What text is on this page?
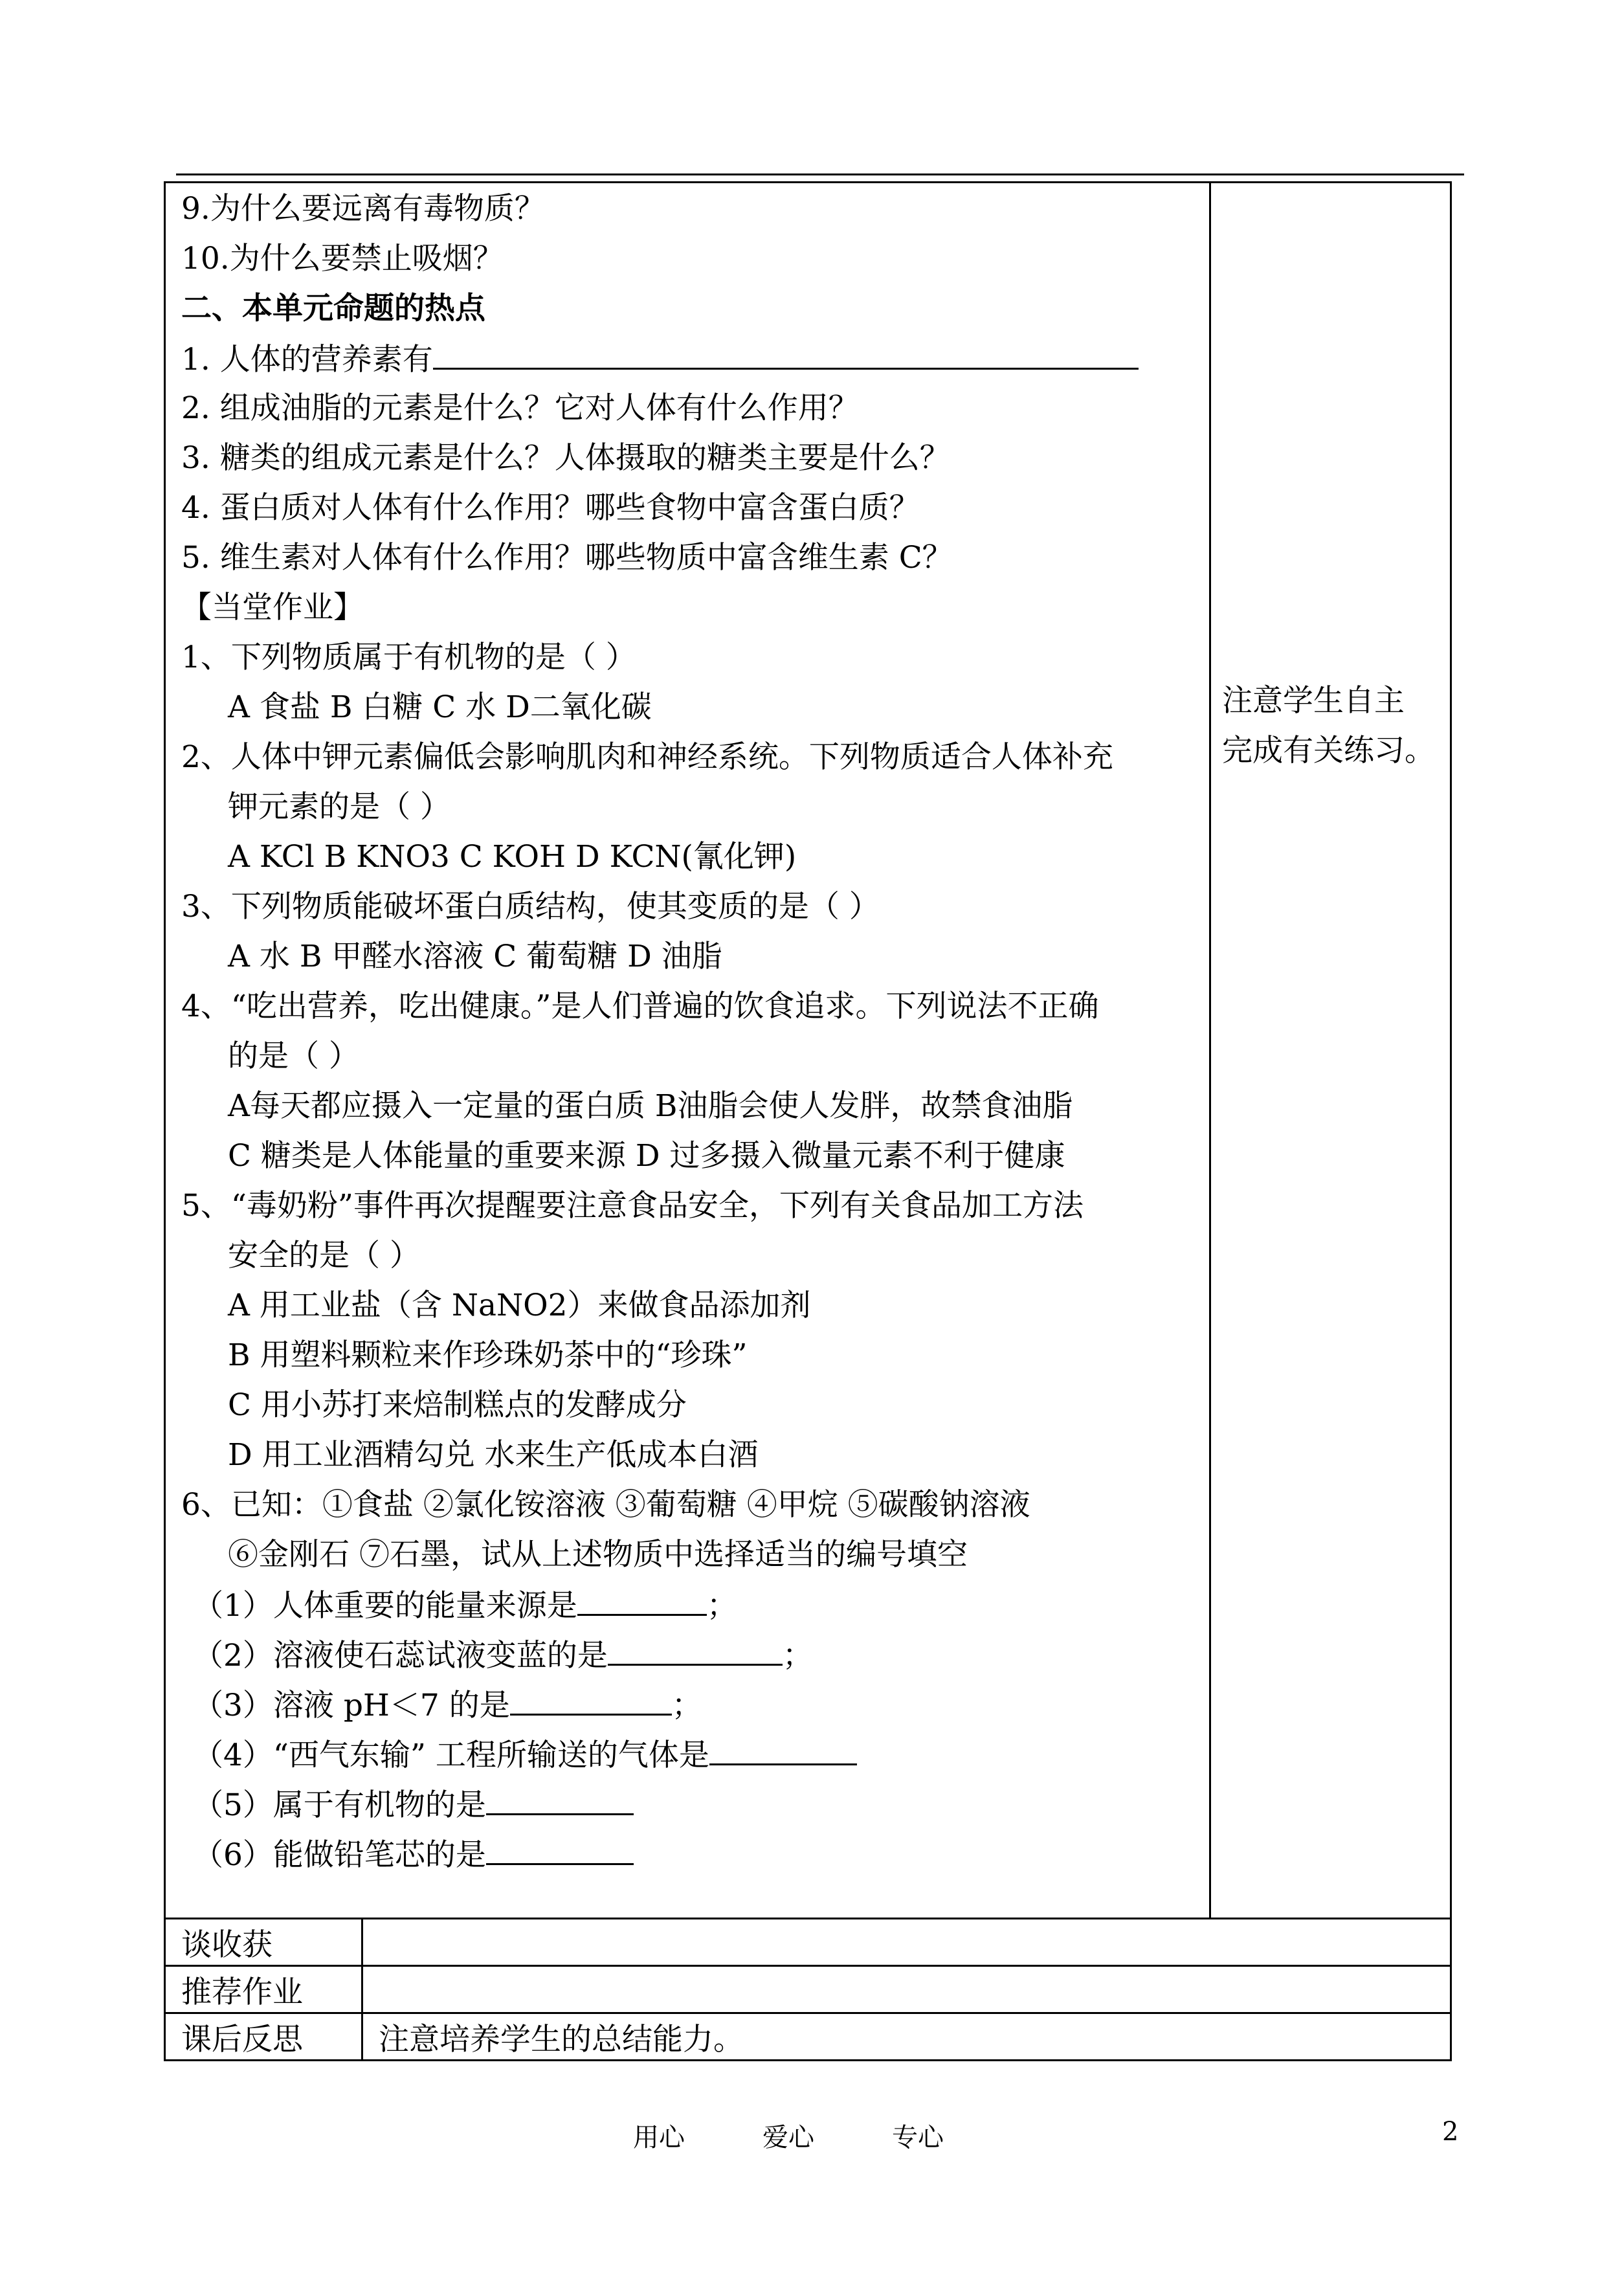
9.为什么要远离有毒物质？
10.为什么要禁止吸烟？
二、本单元命题的热点
1. 人体的营养素有
2. 组成油脂的元素是什么？它对人体有什么作用？
3. 糖类的组成元素是什么？人体摄取的糖类主要是什么？
4. 蛋白质对人体有什么作用？哪些食物中富含蛋白质？
5. 维生素对人体有什么作用？哪些物质中富含维生素 C？
【当堂作业】
1、下列物质属于有机物的是（ ）
A 食盐 B 白糖 C 水 D二氧化碳
2、人体中钾元素偏低会影响肌肉和神经系统。下列物质适合人体补充
钾元素的是（ ）
A KCl B KNO3 C KOH D KCN(氰化钾)
3、下列物质能破坏蛋白质结构，使其变质的是（ ）
A 水 B 甲醛水溶液 C 葡萄糖 D 油脂
4、“吃出营养，吃出健康。”是人们普遍的饮食追求。下列说法不正确
的是（ ）
A每天都应摄入一定量的蛋白质 B油脂会使人发胖，故禁食油脂
C 糖类是人体能量的重要来源 D 过多摄入微量元素不利于健康
5、“毒奶粉”事件再次提醒要注意食品安全，下列有关食品加工方法
安全的是（ ）
A 用工业盐（含 NaNO2）来做食品添加剂
B 用塑料颗粒来作珍珠奶茶中的“珍珠”
C 用小苏打来焙制糕点的发酵成分
D 用工业酒精勾兑 水来生产低成本白酒
6、已知：①食盐 ②氯化铵溶液 ③葡萄糖 ④甲烷 ⑤碳酸钠溶液
⑥金刚石 ⑦石墨，试从上述物质中选择适当的编号填空
（1）人体重要的能量来源是	；
（2）溶液使石蕊试液变蓝的是	；
（3）溶液 pH＜7 的是	；
（4）“西气东输” 工程所输送的气体是
（5）属于有机物的是
（6）能做铅笔芯的是
注意学生自主
完成有关练习。
谈收获	
推荐作业	
课后反思	注意培养学生的总结能力。
用心	爱心	专心	2
